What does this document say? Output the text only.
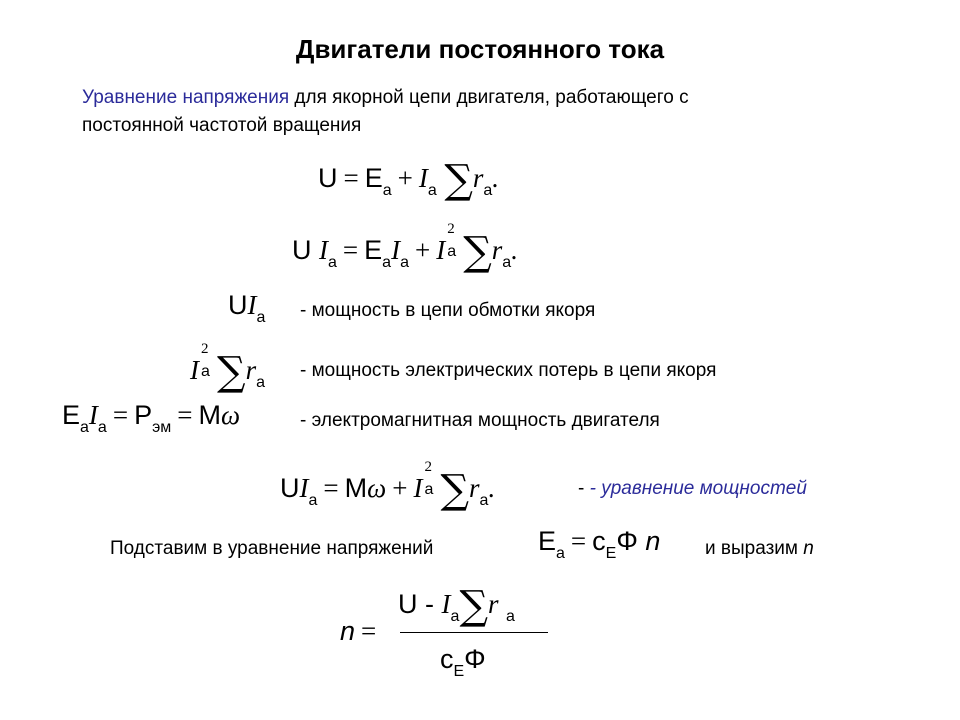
Двигатели постоянного тока
Уравнение напряжения для якорной цепи двигателя, работающего с
постоянной частотой вращения
$U = E_a + I_a$ $\sum r_a$.
U $I_a = E_aI_a + I$
2
a $\sum r_a$.
$UI_a$ - мощность в цепи обмотки якоря
I
2
a $\sum r_a$
- мощность электрических потерь в цепи якоря
$E_aI_a = P_{эм} = M\omega$	- электромагнитная мощность двигателя
$UI_a = M\omega + I$
2
a $\sum r_a$.	- - уравнение мощностей
Подставим в уравнение напряжений	$E_a = c_E\Phi$ n и выразим n
n =
U - $I_a\sum r$ $_a$
$c_E\Phi$
